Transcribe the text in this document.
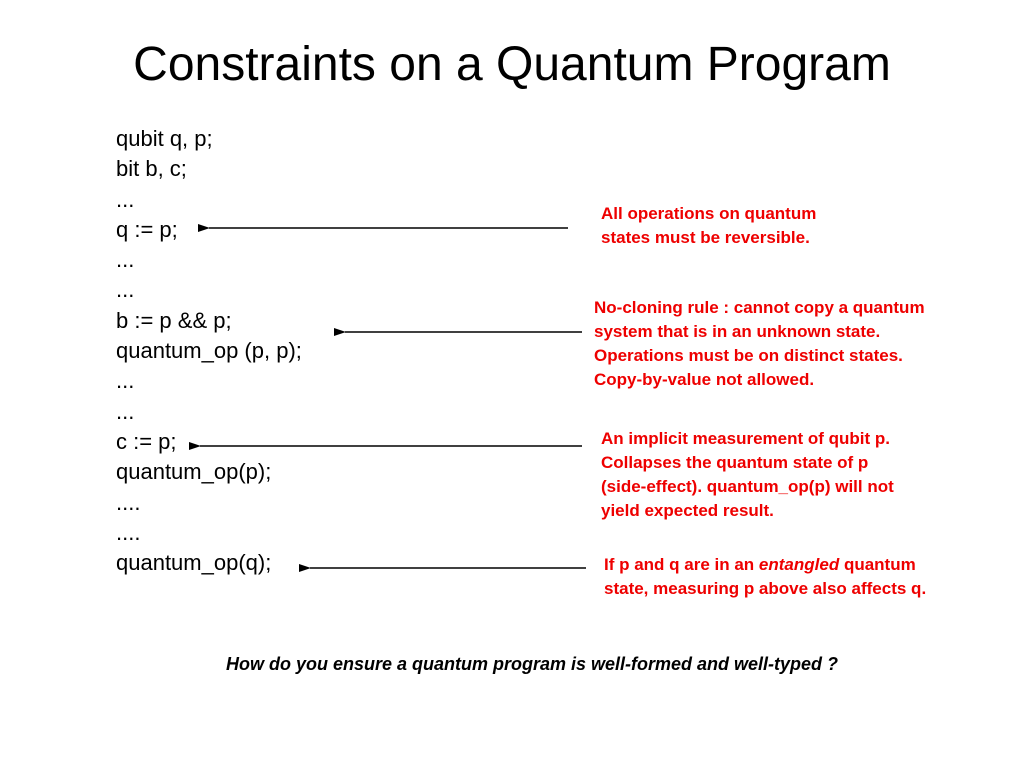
Constraints on a Quantum Program
qubit q, p;
bit b, c;
...
q := p;
...
...
b := p && p;
quantum_op (p, p);
...
...
c := p;
quantum_op(p);
....
....
quantum_op(q);

All operations on quantum

states must be reversible.

No-cloning rule : cannot copy a quantum

system that is in an unknown state.

Operations must be on distinct states.

Copy-by-value not allowed.

An implicit measurement of qubit p.

Collapses the quantum state of p

(side-effect). quantum_op(p) will not

yield expected result.

If p and q are in an entangled quantum

state, measuring p above also affects q.

How do you ensure a quantum program is well-formed and well-typed ?
